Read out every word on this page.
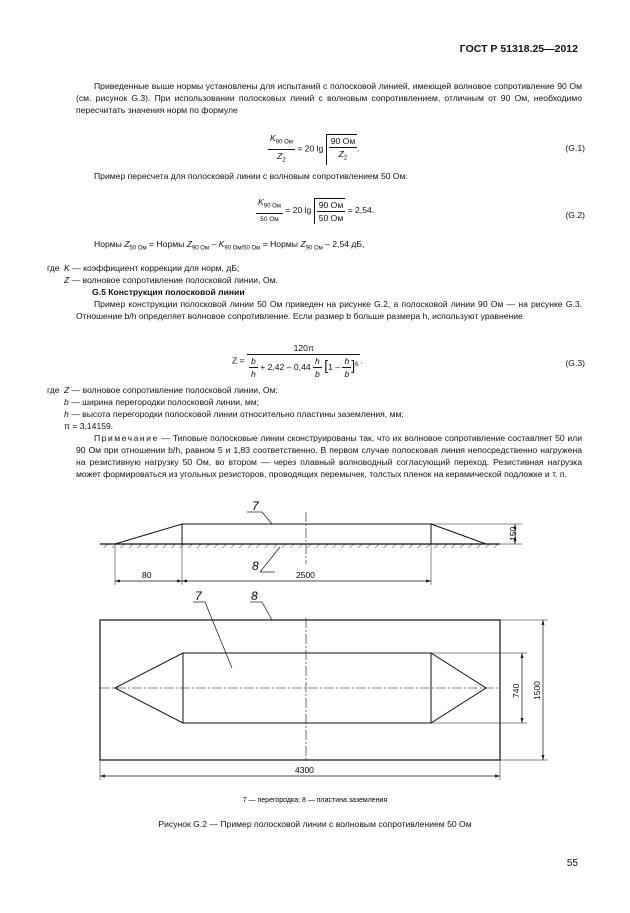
ГОСТ Р 51318.25—2012
Приведенные выше нормы установлены для испытаний с полосковой линией, имеющей волновое сопротивление 90 Ом (см. рисунок G.3). При использовании полосковых линий с волновым сопротивлением, отличным от 90 Ом, необходимо пересчитать значения норм по формуле
$\frac{K_{90 Ом}}{Z_2} = 20$ $\lg \frac{90 Ом}{Z_2}$ .	(G.1)
Пример пересчета для полосковой линии с волновым сопротивлением 50 Ом:
$\frac{K_{90 Ом}}{50 Ом} = 20$ $\lg \frac{90 Ом}{50 Ом} = 2,54$.	(G.2)
Нормы $Z_{50 Ом}$ = Нормы $Z_{90 Ом} - K_{90 Ом/50 Ом}$ = Нормы $Z_{90 Ом} - 2,54$ дБ,
где K — коэффициент коррекции для норм, дБ;
Z — волновое сопротивление полосковой линии, Ом.
G.5 Конструкция полосковой линии
Пример конструкции полосковой линии 50 Ом приведен на рисунке G.2, а полосковой линии 90 Ом — на рисунке G.3. Отношение b/h определяет волновое сопротивление. Если размер b больше размера h, используют уравнение
$Z = \frac{120\pi}{\frac{b}{h} + 2,42 - 0,44 \frac{h}{b} [1 - \frac{h}{b} ]^6}$ .	(G.3)
где Z — волновое сопротивление полосковой линии, Ом;
b — ширина перегородки полосковой линии, мм;
h — высота перегородки полосковой линии относительно пластины заземления, мм;
π = 3,14159.
Примечание — Типовые полосковые линии сконструированы так, что их волновое сопротивление составляет 50 или 90 Ом при отношении b/h, равном 5 и 1,83 соответственно. В первом случае полосковая линия непосредственно нагружена на резистивную нагрузку 50 Ом, во втором — через плавный волноводный согласующий переход. Резистивная нагрузка может формироваться из угольных резисторов, проводящих перемычек, толстых пленок на керамической подложке и т. п.
7
8
150
80	2500
7	8
740 1500
4300
7 — перегородка; 8 — пластина заземления
Рисунок G.2 — Пример полосковой линии с волновым сопротивлением 50 Ом
55
